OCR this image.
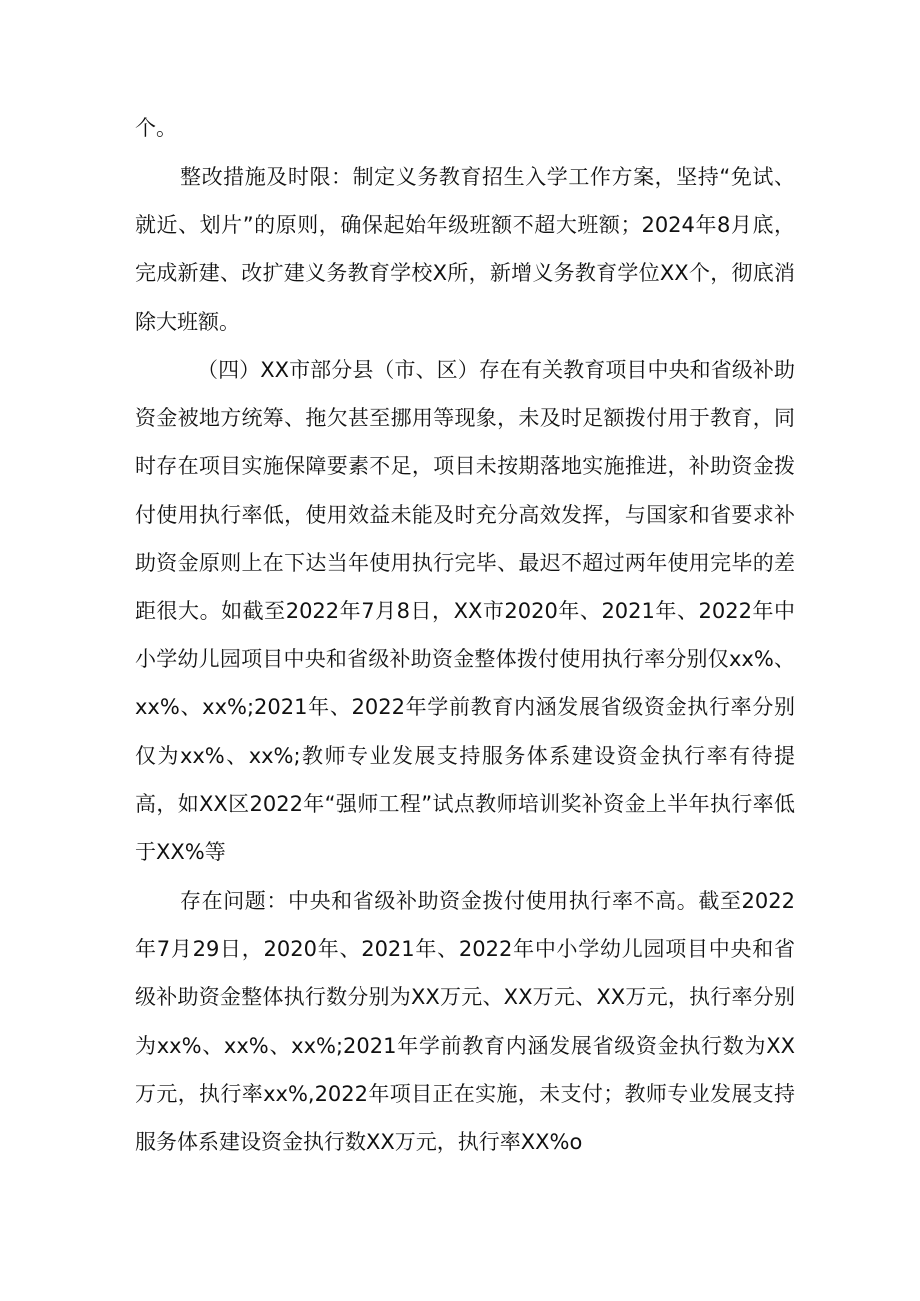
个。

整改措施及时限：制定义务教育招生入学工作方案，坚持“免试、就近、划片”的原则，确保起始年级班额不超大班额；2024年8月底，完成新建、改扩建义务教育学校X所，新增义务教育学位XX个，彻底消除大班额。

（四）XX市部分县（市、区）存在有关教育项目中央和省级补助资金被地方统筹、拖欠甚至挪用等现象，未及时足额拨付用于教育，同时存在项目实施保障要素不足，项目未按期落地实施推进，补助资金拨付使用执行率低，使用效益未能及时充分高效发挥，与国家和省要求补助资金原则上在下达当年使用执行完毕、最迟不超过两年使用完毕的差距很大。如截至2022年7月8日，XX市2020年、2021年、2022年中小学幼儿园项目中央和省级补助资金整体拨付使用执行率分别仅xx%、xx%、xx%;2021年、2022年学前教育内涵发展省级资金执行率分别仅为xx%、xx%;教师专业发展支持服务体系建设资金执行率有待提高，如XX区2022年“强师工程”试点教师培训奖补资金上半年执行率低于XX%等

存在问题：中央和省级补助资金拨付使用执行率不高。截至2022年7月29日，2020年、2021年、2022年中小学幼儿园项目中央和省级补助资金整体执行数分别为XX万元、XX万元、XX万元，执行率分别为xx%、xx%、xx%;2021年学前教育内涵发展省级资金执行数为XX万元，执行率xx%,2022年项目正在实施，未支付；教师专业发展支持服务体系建设资金执行数XX万元，执行率XX%o
